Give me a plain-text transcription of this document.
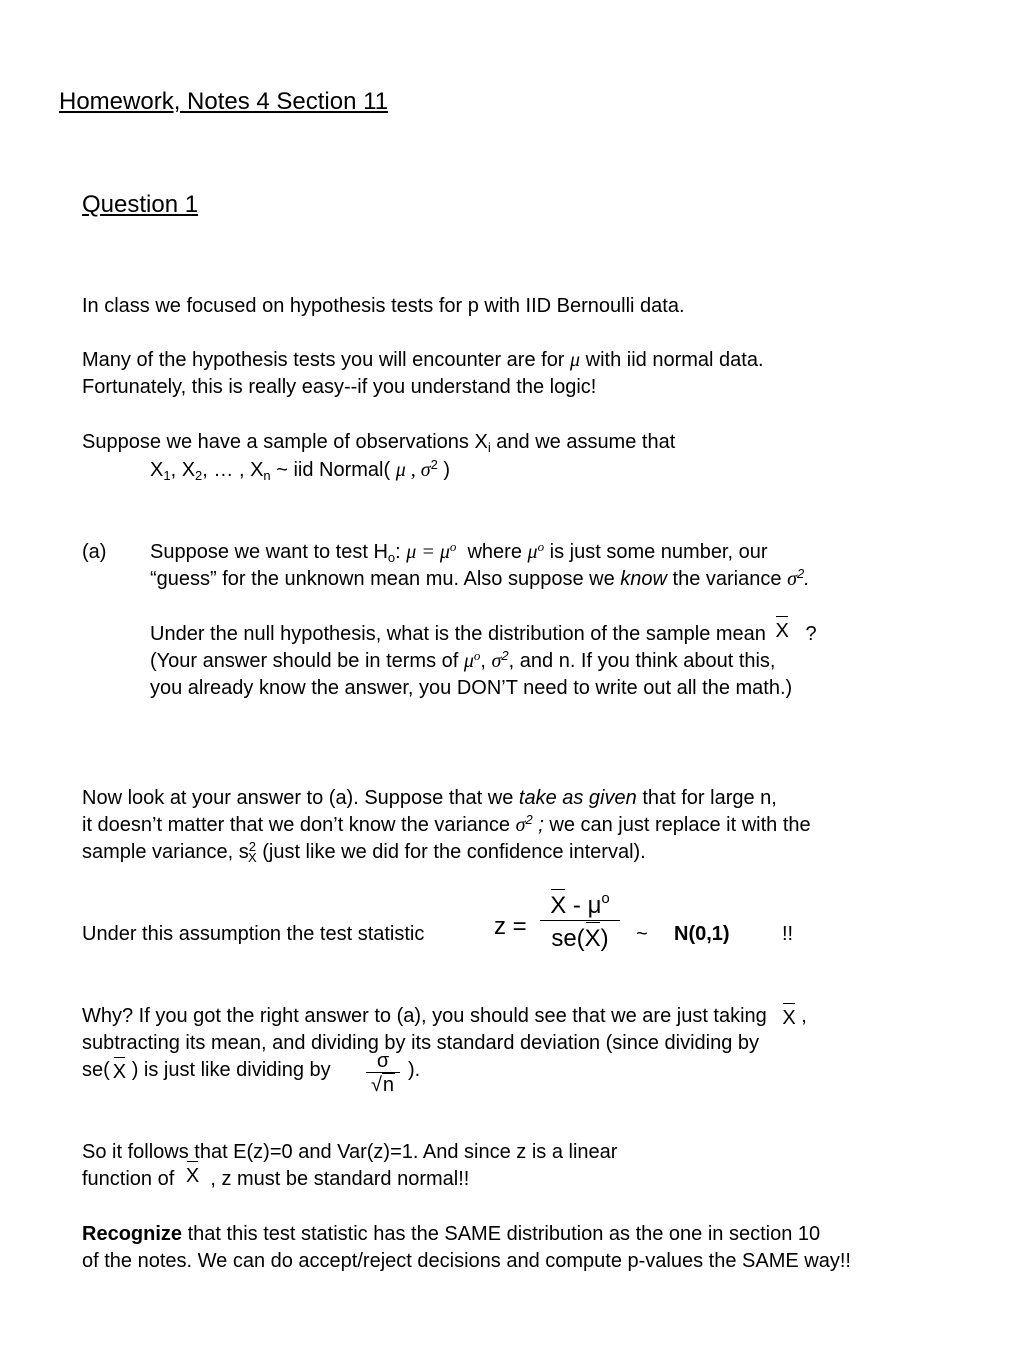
Homework, Notes 4 Section 11
Question 1
In class we focused on hypothesis tests for p with IID Bernoulli data.
Many of the hypothesis tests you will encounter are for μ with iid normal data.
Fortunately, this is really easy--if you understand the logic!
Suppose we have a sample of observations $X_i$ and we assume that
$X_1$, $X_2$, … , $X_n$ ~ iid Normal( μ , $\sigma^2$ )
(a) Suppose we want to test $H_o$: $\mu = \mu^o$ where $\mu^o$ is just some number, our
“guess” for the unknown mean mu. Also suppose we know the variance $\sigma^2$.
Under the null hypothesis, what is the distribution of the sample mean X ?
(Your answer should be in terms of $\mu^o$, $\sigma^2$, and n. If you think about this,
you already know the answer, you DON’T need to write out all the math.)
Now look at your answer to (a). Suppose that we take as given that for large n,
it doesn’t matter that we don’t know the variance $\sigma^2$ ; we can just replace it with the
sample variance, $s^2_X$ (just like we did for the confidence interval).
Under this assumption the test statistic	z =
X - $\mu^o$
se(X)	~ N(0,1)	!!
Why? If you got the right answer to (a), you should see that we are just taking X ,
subtracting its mean, and dividing by its standard deviation (since dividing by
se( X ) is just like dividing by	σ
√n
).
So it follows that E(z)=0 and Var(z)=1. And since z is a linear
function of X , z must be standard normal!!
Recognize that this test statistic has the SAME distribution as the one in section 10
of the notes. We can do accept/reject decisions and compute p-values the SAME way!!
